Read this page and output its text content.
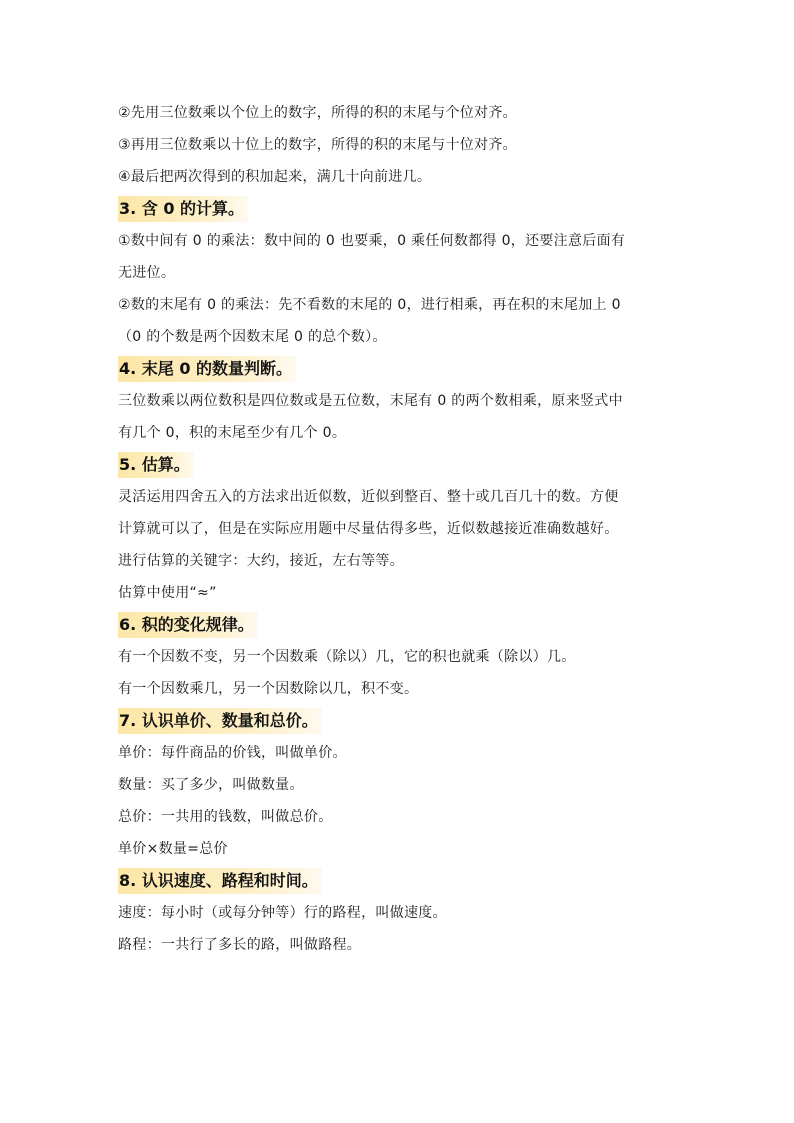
②先用三位数乘以个位上的数字，所得的积的末尾与个位对齐。
③再用三位数乘以十位上的数字，所得的积的末尾与十位对齐。
④最后把两次得到的积加起来，满几十向前进几。
3. 含 0 的计算。
①数中间有 0 的乘法：数中间的 0 也要乘，0 乘任何数都得 0，还要注意后面有
无进位。
②数的末尾有 0 的乘法：先不看数的末尾的 0，进行相乘，再在积的末尾加上 0
（0 的个数是两个因数末尾 0 的总个数）。
4. 末尾 0 的数量判断。
三位数乘以两位数积是四位数或是五位数，末尾有 0 的两个数相乘，原来竖式中
有几个 0，积的末尾至少有几个 0。
5. 估算。
灵活运用四舍五入的方法求出近似数，近似到整百、整十或几百几十的数。方便
计算就可以了，但是在实际应用题中尽量估得多些，近似数越接近准确数越好。
进行估算的关键字：大约，接近，左右等等。
估算中使用“≈”
6. 积的变化规律。
有一个因数不变，另一个因数乘（除以）几，它的积也就乘（除以）几。
有一个因数乘几，另一个因数除以几，积不变。
7. 认识单价、数量和总价。
单价：每件商品的价钱，叫做单价。
数量：买了多少，叫做数量。
总价：一共用的钱数，叫做总价。
单价×数量=总价
8. 认识速度、路程和时间。
速度：每小时（或每分钟等）行的路程，叫做速度。
路程：一共行了多长的路，叫做路程。
